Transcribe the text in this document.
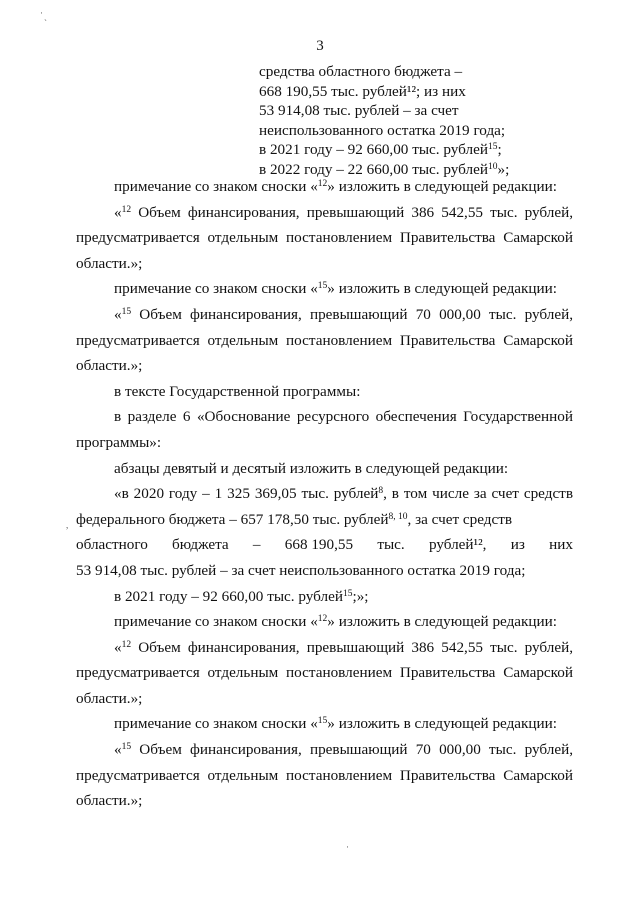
·
`
3
средства областного бюджета –
668 190,55 тыс. рублей¹²; из них
53 914,08 тыс. рублей – за счет
неиспользованного остатка 2019 года;
в 2021 году – 92 660,00 тыс. рублей$^{15}$;
в 2022 году – 22 660,00 тыс. рублей$^{10}$»;

примечание со знаком сноски «$^{12}$» изложить в следующей редакции:

«$^{12}$ Объем финансирования, превышающий 386 542,55 тыс. рублей, предусматривается отдельным постановлением Правительства Самарской области.»;

примечание со знаком сноски «$^{15}$» изложить в следующей редакции:

«$^{15}$ Объем финансирования, превышающий 70 000,00 тыс. рублей, предусматривается отдельным постановлением Правительства Самарской области.»;

в тексте Государственной программы:

в разделе 6 «Обоснование ресурсного обеспечения Государственной программы»:

абзацы девятый и десятый изложить в следующей редакции:

«в 2020 году – 1 325 369,05 тыс. рублей$^8$, в том числе за счет средств федерального бюджета – 657 178,50 тыс. рублей$^{8, 10}$, за счет средств

областного бюджета – 668 190,55 тыс. рублей¹², из них

53 914,08 тыс. рублей – за счет неиспользованного остатка 2019 года;

в 2021 году – 92 660,00 тыс. рублей$^{15}$;»;

примечание со знаком сноски «$^{12}$» изложить в следующей редакции:

«$^{12}$ Объем финансирования, превышающий 386 542,55 тыс. рублей, предусматривается отдельным постановлением Правительства Самарской области.»;

примечание со знаком сноски «$^{15}$» изложить в следующей редакции:

«$^{15}$ Объем финансирования, превышающий 70 000,00 тыс. рублей, предусматривается отдельным постановлением Правительства Самарской области.»;

,
·
